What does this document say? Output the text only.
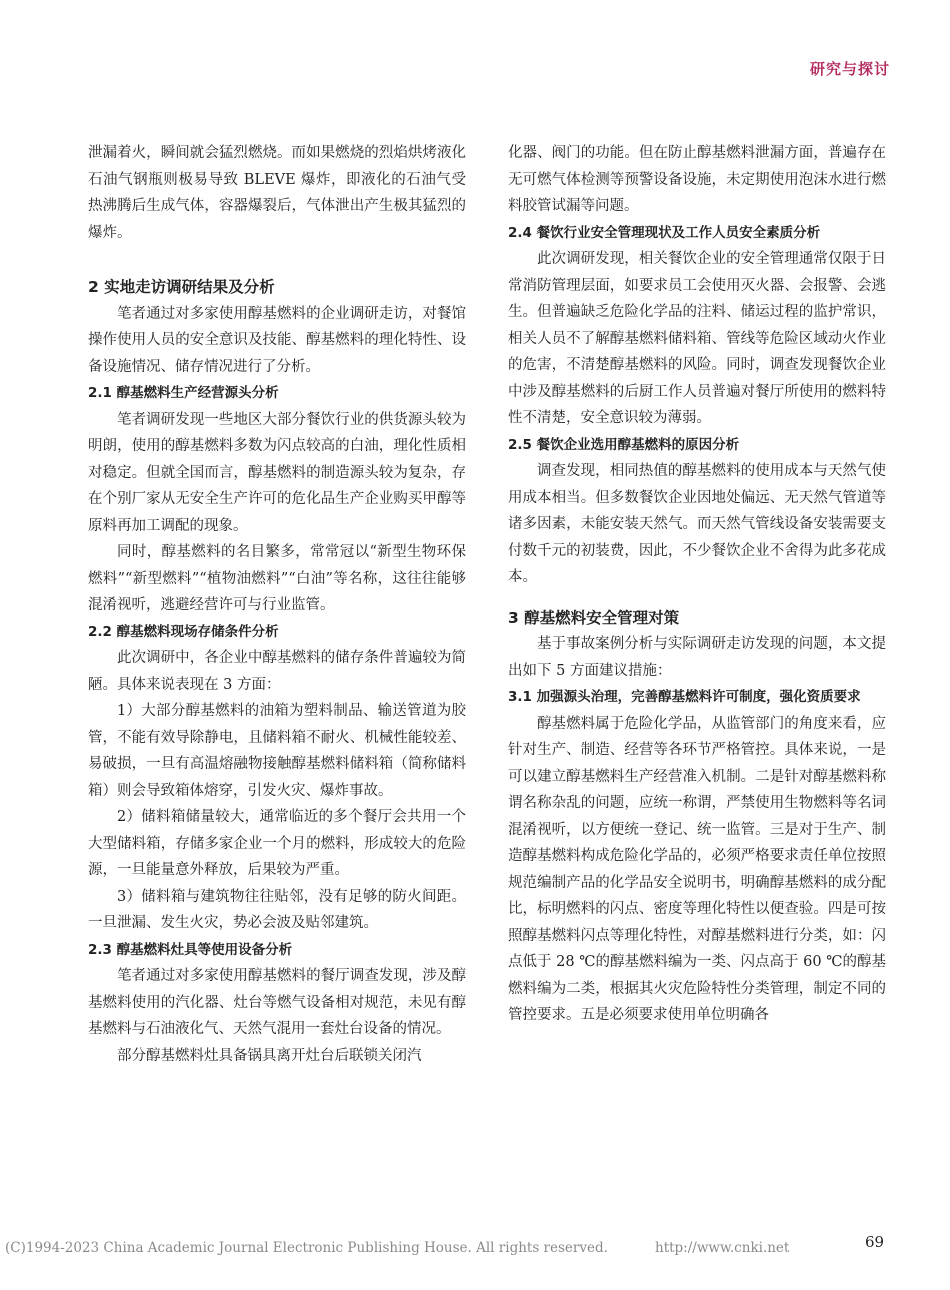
研究与探讨

泄漏着火，瞬间就会猛烈燃烧。而如果燃烧的烈焰烘烤液化石油气钢瓶则极易导致 BLEVE 爆炸，即液化的石油气受热沸腾后生成气体，容器爆裂后，气体泄出产生极其猛烈的爆炸。

2 实地走访调研结果及分析

笔者通过对多家使用醇基燃料的企业调研走访，对餐馆操作使用人员的安全意识及技能、醇基燃料的理化特性、设备设施情况、储存情况进行了分析。

2.1 醇基燃料生产经营源头分析

笔者调研发现一些地区大部分餐饮行业的供货源头较为明朗，使用的醇基燃料多数为闪点较高的白油，理化性质相对稳定。但就全国而言，醇基燃料的制造源头较为复杂，存在个别厂家从无安全生产许可的危化品生产企业购买甲醇等原料再加工调配的现象。

同时，醇基燃料的名目繁多，常常冠以“新型生物环保燃料”“新型燃料”“植物油燃料”“白油”等名称，这往往能够混淆视听，逃避经营许可与行业监管。

2.2 醇基燃料现场存储条件分析

此次调研中，各企业中醇基燃料的储存条件普遍较为简陋。具体来说表现在 3 方面：

1）大部分醇基燃料的油箱为塑料制品、输送管道为胶管，不能有效导除静电，且储料箱不耐火、机械性能较差、易破损，一旦有高温熔融物接触醇基燃料储料箱（简称储料箱）则会导致箱体熔穿，引发火灾、爆炸事故。

2）储料箱储量较大，通常临近的多个餐厅会共用一个大型储料箱，存储多家企业一个月的燃料，形成较大的危险源，一旦能量意外释放，后果较为严重。

3）储料箱与建筑物往往贴邻，没有足够的防火间距。一旦泄漏、发生火灾，势必会波及贴邻建筑。

2.3 醇基燃料灶具等使用设备分析

笔者通过对多家使用醇基燃料的餐厅调查发现，涉及醇基燃料使用的汽化器、灶台等燃气设备相对规范，未见有醇基燃料与石油液化气、天然气混用一套灶台设备的情况。

部分醇基燃料灶具备锅具离开灶台后联锁关闭汽

化器、阀门的功能。但在防止醇基燃料泄漏方面，普遍存在无可燃气体检测等预警设备设施，未定期使用泡沫水进行燃料胶管试漏等问题。

2.4 餐饮行业安全管理现状及工作人员安全素质分析

此次调研发现，相关餐饮企业的安全管理通常仅限于日常消防管理层面，如要求员工会使用灭火器、会报警、会逃生。但普遍缺乏危险化学品的注料、储运过程的监护常识，相关人员不了解醇基燃料储料箱、管线等危险区域动火作业的危害，不清楚醇基燃料的风险。同时，调查发现餐饮企业中涉及醇基燃料的后厨工作人员普遍对餐厅所使用的燃料特性不清楚，安全意识较为薄弱。

2.5 餐饮企业选用醇基燃料的原因分析

调查发现，相同热值的醇基燃料的使用成本与天然气使用成本相当。但多数餐饮企业因地处偏远、无天然气管道等诸多因素，未能安装天然气。而天然气管线设备安装需要支付数千元的初装费，因此，不少餐饮企业不舍得为此多花成本。

3 醇基燃料安全管理对策

基于事故案例分析与实际调研走访发现的问题，本文提出如下 5 方面建议措施：

3.1 加强源头治理，完善醇基燃料许可制度，强化资质要求

醇基燃料属于危险化学品，从监管部门的角度来看，应针对生产、制造、经营等各环节严格管控。具体来说，一是可以建立醇基燃料生产经营准入机制。二是针对醇基燃料称谓名称杂乱的问题，应统一称谓，严禁使用生物燃料等名词混淆视听，以方便统一登记、统一监管。三是对于生产、制造醇基燃料构成危险化学品的，必须严格要求责任单位按照规范编制产品的化学品安全说明书，明确醇基燃料的成分配比，标明燃料的闪点、密度等理化特性以便查验。四是可按照醇基燃料闪点等理化特性，对醇基燃料进行分类，如：闪点低于 28 ℃的醇基燃料编为一类、闪点高于 60 ℃的醇基燃料编为二类，根据其火灾危险特性分类管理，制定不同的管控要求。五是必须要求使用单位明确各

69
(C)1994-2023 China Academic Journal Electronic Publishing House. All rights reserved.	http://www.cnki.net
